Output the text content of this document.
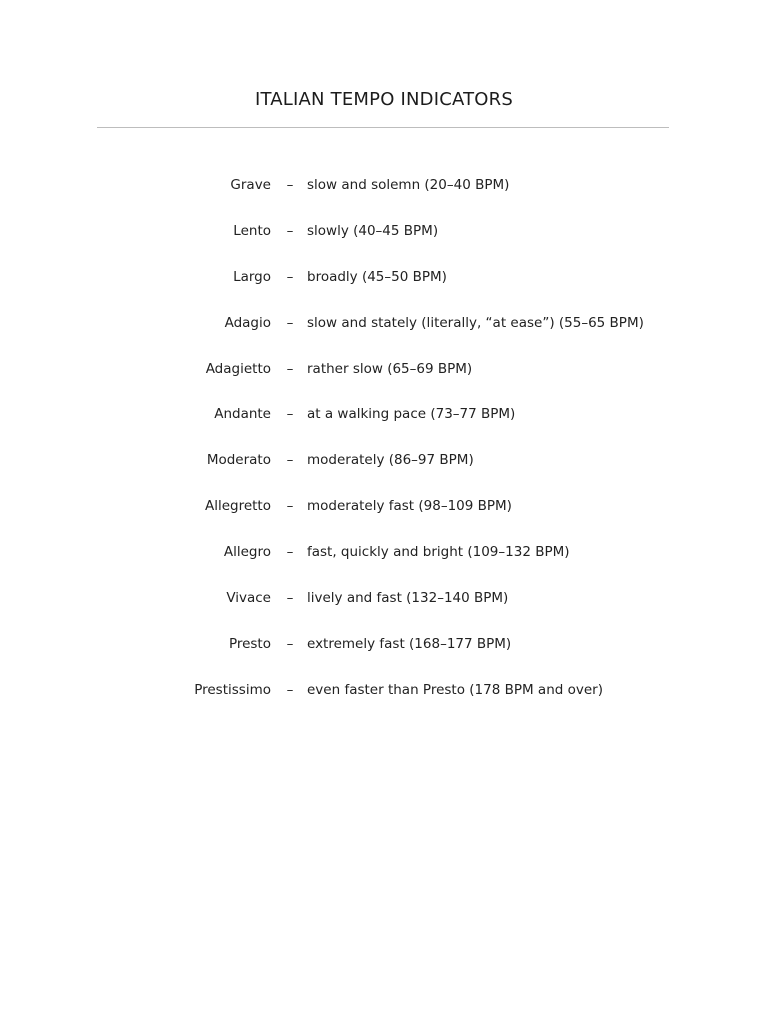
ITALIAN TEMPO INDICATORS
Grave – slow and solemn (20–40 BPM)
Lento – slowly (40–45 BPM)
Largo – broadly (45–50 BPM)
Adagio – slow and stately (literally, “at ease”) (55–65 BPM)
Adagietto – rather slow (65–69 BPM)
Andante – at a walking pace (73–77 BPM)
Moderato – moderately (86–97 BPM)
Allegretto – moderately fast (98–109 BPM)
Allegro – fast, quickly and bright (109–132 BPM)
Vivace – lively and fast (132–140 BPM)
Presto – extremely fast (168–177 BPM)
Prestissimo – even faster than Presto (178 BPM and over)
